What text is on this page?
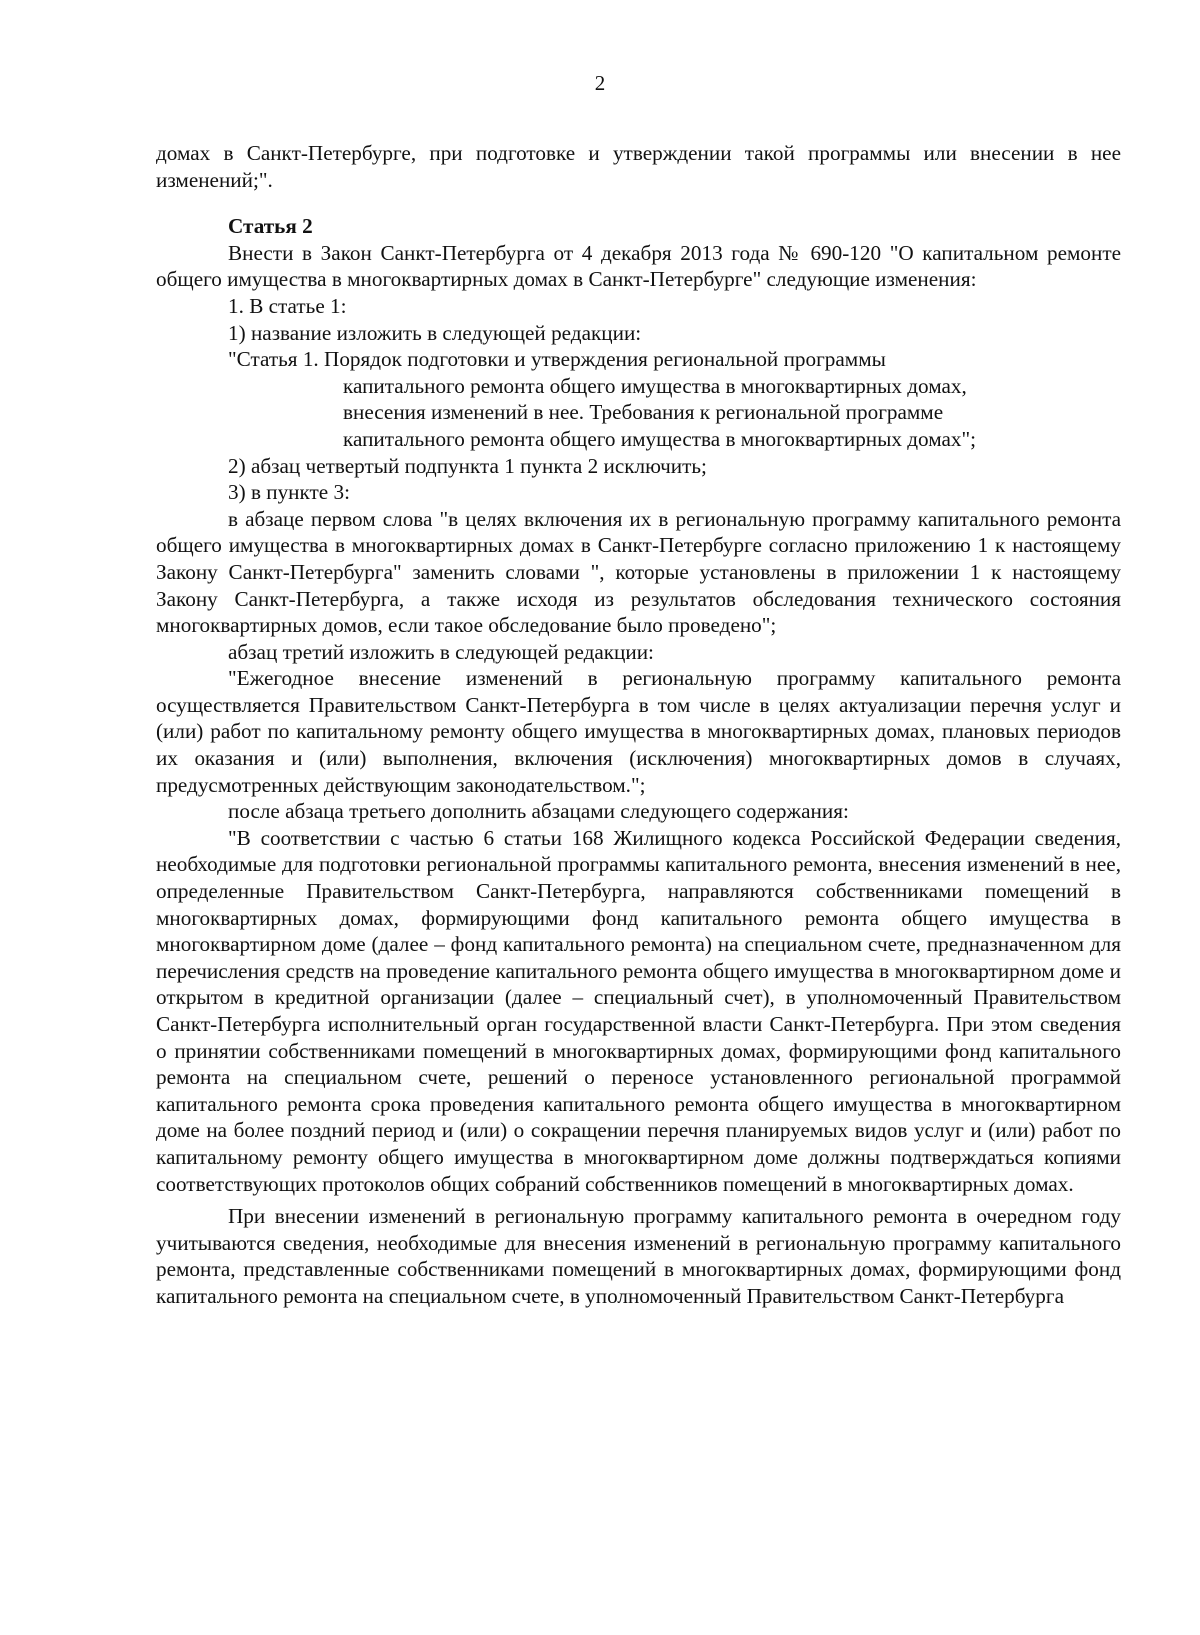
2

домах в Санкт-Петербурге, при подготовке и утверждении такой программы или внесении в нее изменений;".

Статья 2

Внести в Закон Санкт-Петербурга от 4 декабря 2013 года № 690-120 "О капитальном ремонте общего имущества в многоквартирных домах в Санкт-Петербурге" следующие изменения:

1. В статье 1:

1) название изложить в следующей редакции:

"Статья 1. Порядок подготовки и утверждения региональной программы

капитального ремонта общего имущества в многоквартирных домах,

внесения изменений в нее. Требования к региональной программе

капитального ремонта общего имущества в многоквартирных домах";

2) абзац четвертый подпункта 1 пункта 2 исключить;

3) в пункте 3:

в абзаце первом слова "в целях включения их в региональную программу капитального ремонта общего имущества в многоквартирных домах в Санкт-Петербурге согласно приложению 1 к настоящему Закону Санкт-Петербурга" заменить словами ", которые установлены в приложении 1 к настоящему Закону Санкт-Петербурга, а также исходя из результатов обследования технического состояния многоквартирных домов, если такое обследование было проведено";

абзац третий изложить в следующей редакции:

"Ежегодное внесение изменений в региональную программу капитального ремонта осуществляется Правительством Санкт-Петербурга в том числе в целях актуализации перечня услуг и (или) работ по капитальному ремонту общего имущества в многоквартирных домах, плановых периодов их оказания и (или) выполнения, включения (исключения) многоквартирных домов в случаях, предусмотренных действующим законодательством.";

после абзаца третьего дополнить абзацами следующего содержания:

"В соответствии с частью 6 статьи 168 Жилищного кодекса Российской Федерации сведения, необходимые для подготовки региональной программы капитального ремонта, внесения изменений в нее, определенные Правительством Санкт-Петербурга, направляются собственниками помещений в многоквартирных домах, формирующими фонд капитального ремонта общего имущества в многоквартирном доме (далее – фонд капитального ремонта) на специальном счете, предназначенном для перечисления средств на проведение капитального ремонта общего имущества в многоквартирном доме и открытом в кредитной организации (далее – специальный счет), в уполномоченный Правительством Санкт-Петербурга исполнительный орган государственной власти Санкт-Петербурга. При этом сведения о принятии собственниками помещений в многоквартирных домах, формирующими фонд капитального ремонта на специальном счете, решений о переносе установленного региональной программой капитального ремонта срока проведения капитального ремонта общего имущества в многоквартирном доме на более поздний период и (или) о сокращении перечня планируемых видов услуг и (или) работ по капитальному ремонту общего имущества в многоквартирном доме должны подтверждаться копиями соответствующих протоколов общих собраний собственников помещений в многоквартирных домах.

При внесении изменений в региональную программу капитального ремонта в очередном году учитываются сведения, необходимые для внесения изменений в региональную программу капитального ремонта, представленные собственниками помещений в многоквартирных домах, формирующими фонд капитального ремонта на специальном счете, в уполномоченный Правительством Санкт-Петербурга
